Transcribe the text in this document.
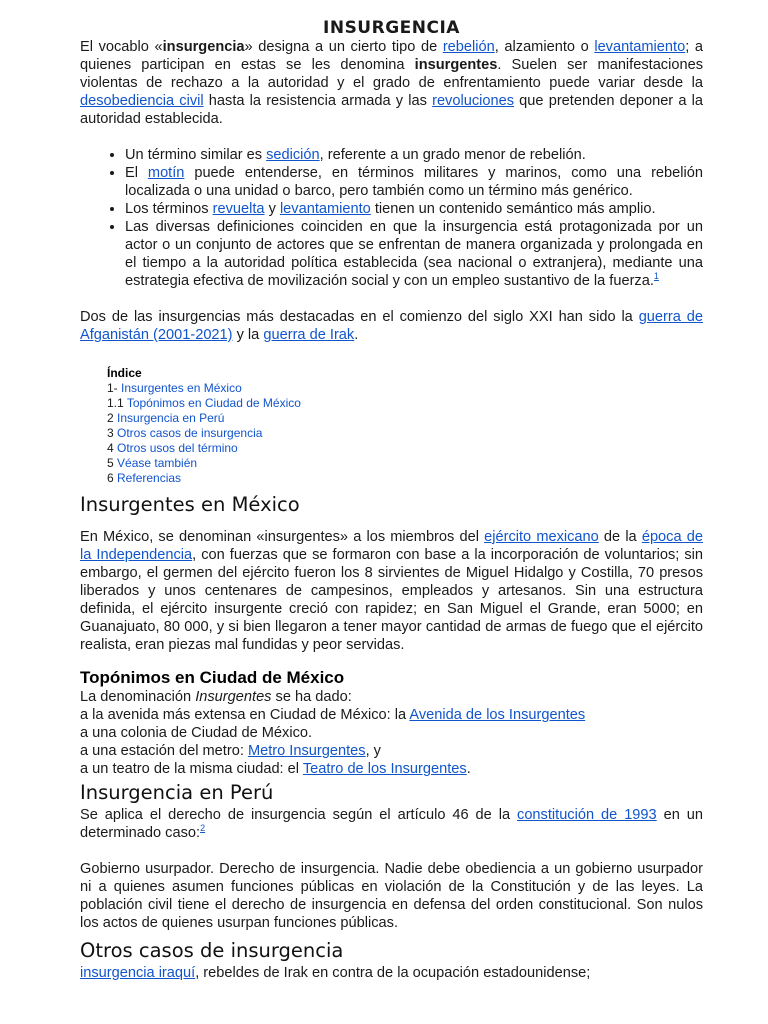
INSURGENCIA

El vocablo «insurgencia» designa a un cierto tipo de rebelión, alzamiento o levantamiento; a quienes participan en estas se les denomina insurgentes. Suelen ser manifestaciones violentas de rechazo a la autoridad y el grado de enfrentamiento puede variar desde la desobediencia civil hasta la resistencia armada y las revoluciones que pretenden deponer a la autoridad establecida.

• Un término similar es sedición, referente a un grado menor de rebelión.
• El motín puede entenderse, en términos militares y marinos, como una rebelión localizada o una unidad o barco, pero también como un término más genérico.
• Los términos revuelta y levantamiento tienen un contenido semántico más amplio.
• Las diversas definiciones coinciden en que la insurgencia está protagonizada por un actor o un conjunto de actores que se enfrentan de manera organizada y prolongada en el tiempo a la autoridad política establecida (sea nacional o extranjera), mediante una estrategia efectiva de movilización social y con un empleo sustantivo de la fuerza.$^1$

Dos de las insurgencias más destacadas en el comienzo del siglo XXI han sido la guerra de Afganistán (2001-2021) y la guerra de Irak.

Índice
1- Insurgentes en México
1.1 Topónimos en Ciudad de México
2 Insurgencia en Perú
3 Otros casos de insurgencia
4 Otros usos del término
5 Véase también
6 Referencias
Insurgentes en México

En México, se denominan «insurgentes» a los miembros del ejército mexicano de la época de la Independencia, con fuerzas que se formaron con base a la incorporación de voluntarios; sin embargo, el germen del ejército fueron los 8 sirvientes de Miguel Hidalgo y Costilla, 70 presos liberados y unos centenares de campesinos, empleados y artesanos. Sin una estructura definida, el ejército insurgente creció con rapidez; en San Miguel el Grande, eran 5000; en Guanajuato, 80 000, y si bien llegaron a tener mayor cantidad de armas de fuego que el ejército realista, eran piezas mal fundidas y peor servidas.

Topónimos en Ciudad de México

La denominación Insurgentes se ha dado:

a la avenida más extensa en Ciudad de México: la Avenida de los Insurgentes

a una colonia de Ciudad de México.

a una estación del metro: Metro Insurgentes, y

a un teatro de la misma ciudad: el Teatro de los Insurgentes.

Insurgencia en Perú

Se aplica el derecho de insurgencia según el artículo 46 de la constitución de 1993 en un determinado caso:$^2$

Gobierno usurpador. Derecho de insurgencia. Nadie debe obediencia a un gobierno usurpador ni a quienes asumen funciones públicas en violación de la Constitución y de las leyes. La población civil tiene el derecho de insurgencia en defensa del orden constitucional. Son nulos los actos de quienes usurpan funciones públicas.

Otros casos de insurgencia

insurgencia iraquí, rebeldes de Irak en contra de la ocupación estadounidense;
